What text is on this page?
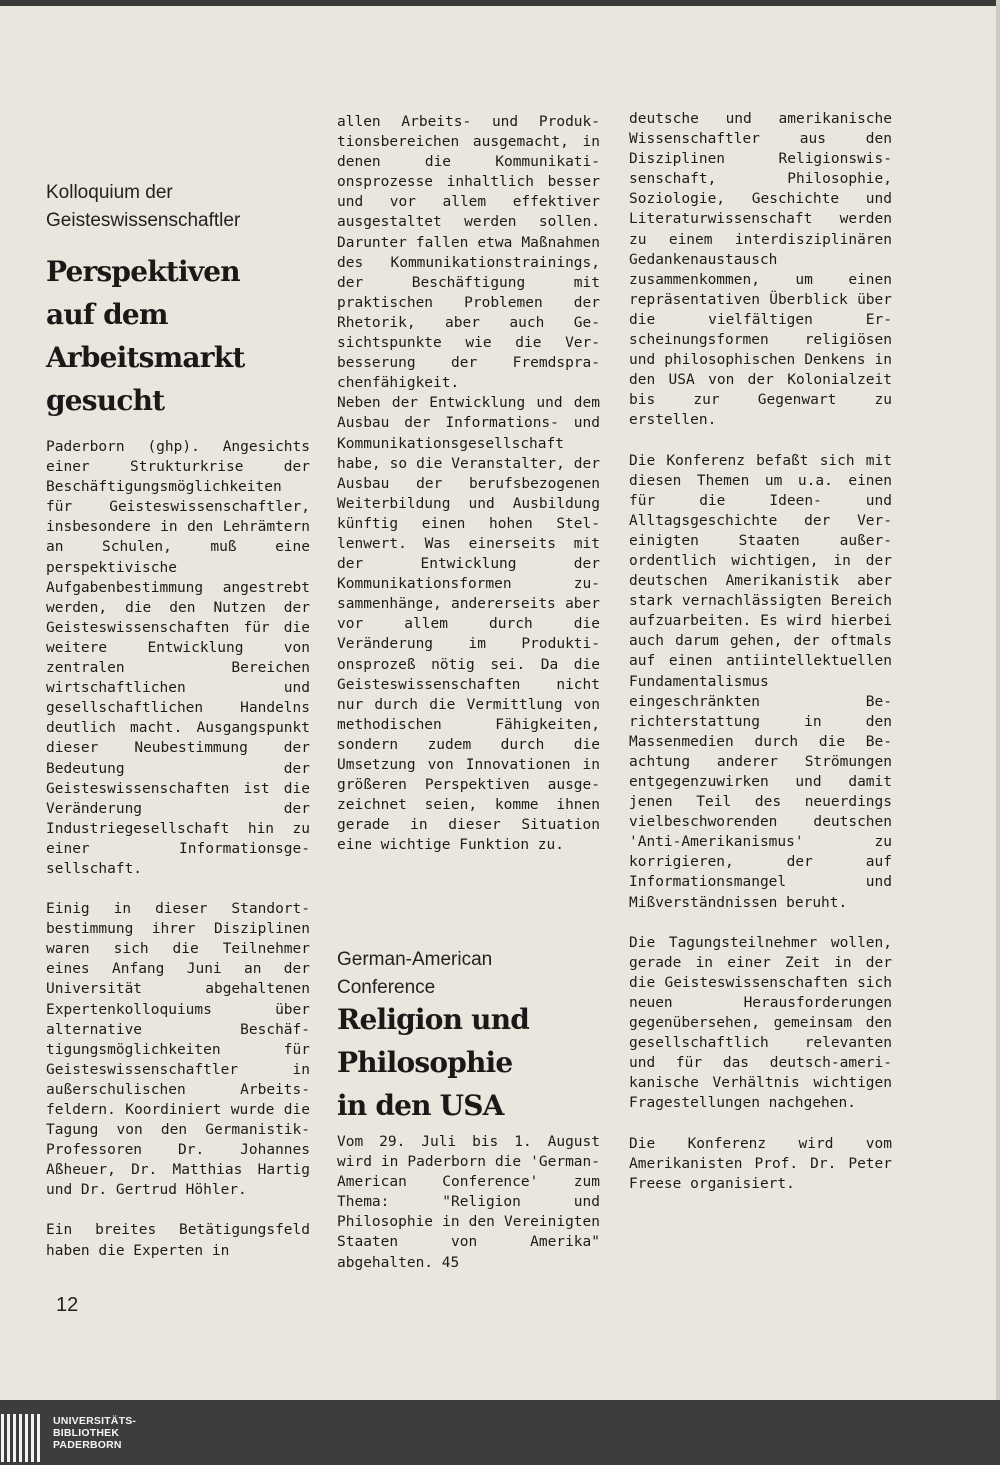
Kolloquium der
Geisteswissenschaftler
Perspektiven
auf dem
Arbeitsmarkt
gesucht

Paderborn (ghp). Angesichts einer Strukturkrise der Beschäftigungsmöglichkeiten für Geisteswissenschaftler, insbesondere in den Lehrämtern an Schulen, muß eine perspektivische Aufgabenbestimmung angestrebt werden, die den Nutzen der Geisteswissenschaften für die weitere Entwicklung von zentralen Bereichen wirtschaftlichen und gesellschaftlichen Handelns deutlich macht. Ausgangspunkt dieser Neubestimmung der Bedeutung der Geisteswissenschaften ist die Veränderung der Industriegesellschaft hin zu einer Informationsgesellschaft.

Einig in dieser Standortbestimmung ihrer Disziplinen waren sich die Teilnehmer eines Anfang Juni an der Universität abgehaltenen Expertenkolloquiums über alternative Beschäftigungsmöglichkeiten für Geisteswissenschaftler in außerschulischen Arbeitsfeldern. Koordiniert wurde die Tagung von den Germanistik-Professoren Dr. Johannes Aßheuer, Dr. Matthias Hartig und Dr. Gertrud Höhler.

Ein breites Betätigungsfeld haben die Experten in

allen Arbeits- und Produktionsbereichen ausgemacht, in denen die Kommunikationsprozesse inhaltlich besser und vor allem effektiver ausgestaltet werden sollen. Darunter fallen etwa Maßnahmen des Kommunikationstrainings, der Beschäftigung mit praktischen Problemen der Rhetorik, aber auch Gesichtspunkte wie die Verbesserung der Fremdsprachenfähigkeit.

Neben der Entwicklung und dem Ausbau der Informations- und Kommunikationsgesellschaft habe, so die Veranstalter, der Ausbau der berufsbezogenen Weiterbildung und Ausbildung künftig einen hohen Stellenwert. Was einerseits mit der Entwicklung der Kommunikationsformen zusammenhänge, andererseits aber vor allem durch die Veränderung im Produktionsprozeß nötig sei. Da die Geisteswissenschaften nicht nur durch die Vermittlung von methodischen Fähigkeiten, sondern zudem durch die Umsetzung von Innovationen in größeren Perspektiven ausgezeichnet seien, komme ihnen gerade in dieser Situation eine wichtige Funktion zu.

German-American
Conference
Religion und
Philosophie
in den USA

Vom 29. Juli bis 1. August wird in Paderborn die 'German-American Conference' zum Thema: "Religion und Philosophie in den Vereinigten Staaten von Amerika" abgehalten. 45

deutsche und amerikanische Wissenschaftler aus den Disziplinen Religionswissenschaft, Philosophie, Soziologie, Geschichte und Literaturwissenschaft werden zu einem interdisziplinären Gedankenaustausch zusammenkommen, um einen repräsentativen Überblick über die vielfältigen Erscheinungsformen religiösen und philosophischen Denkens in den USA von der Kolonialzeit bis zur Gegenwart zu erstellen.

Die Konferenz befaßt sich mit diesen Themen um u.a. einen für die Ideen- und Alltagsgeschichte der Vereinigten Staaten außerordentlich wichtigen, in der deutschen Amerikanistik aber stark vernachlässigten Bereich aufzuarbeiten. Es wird hierbei auch darum gehen, der oftmals auf einen antiintellektuellen Fundamentalismus eingeschränkten Berichterstattung in den Massenmedien durch die Beachtung anderer Strömungen entgegenzuwirken und damit jenen Teil des neuerdings vielbeschworenden deutschen 'Anti-Amerikanismus' zu korrigieren, der auf Informationsmangel und Mißverständnissen beruht.

Die Tagungsteilnehmer wollen, gerade in einer Zeit in der die Geisteswissenschaften sich neuen Herausforderungen gegenübersehen, gemeinsam den gesellschaftlich relevanten und für das deutsch-amerikanische Verhältnis wichtigen Fragestellungen nachgehen.

Die Konferenz wird vom Amerikanisten Prof. Dr. Peter Freese organisiert.

12
UNIVERSITÄTS-
BIBLIOTHEK
PADERBORN
